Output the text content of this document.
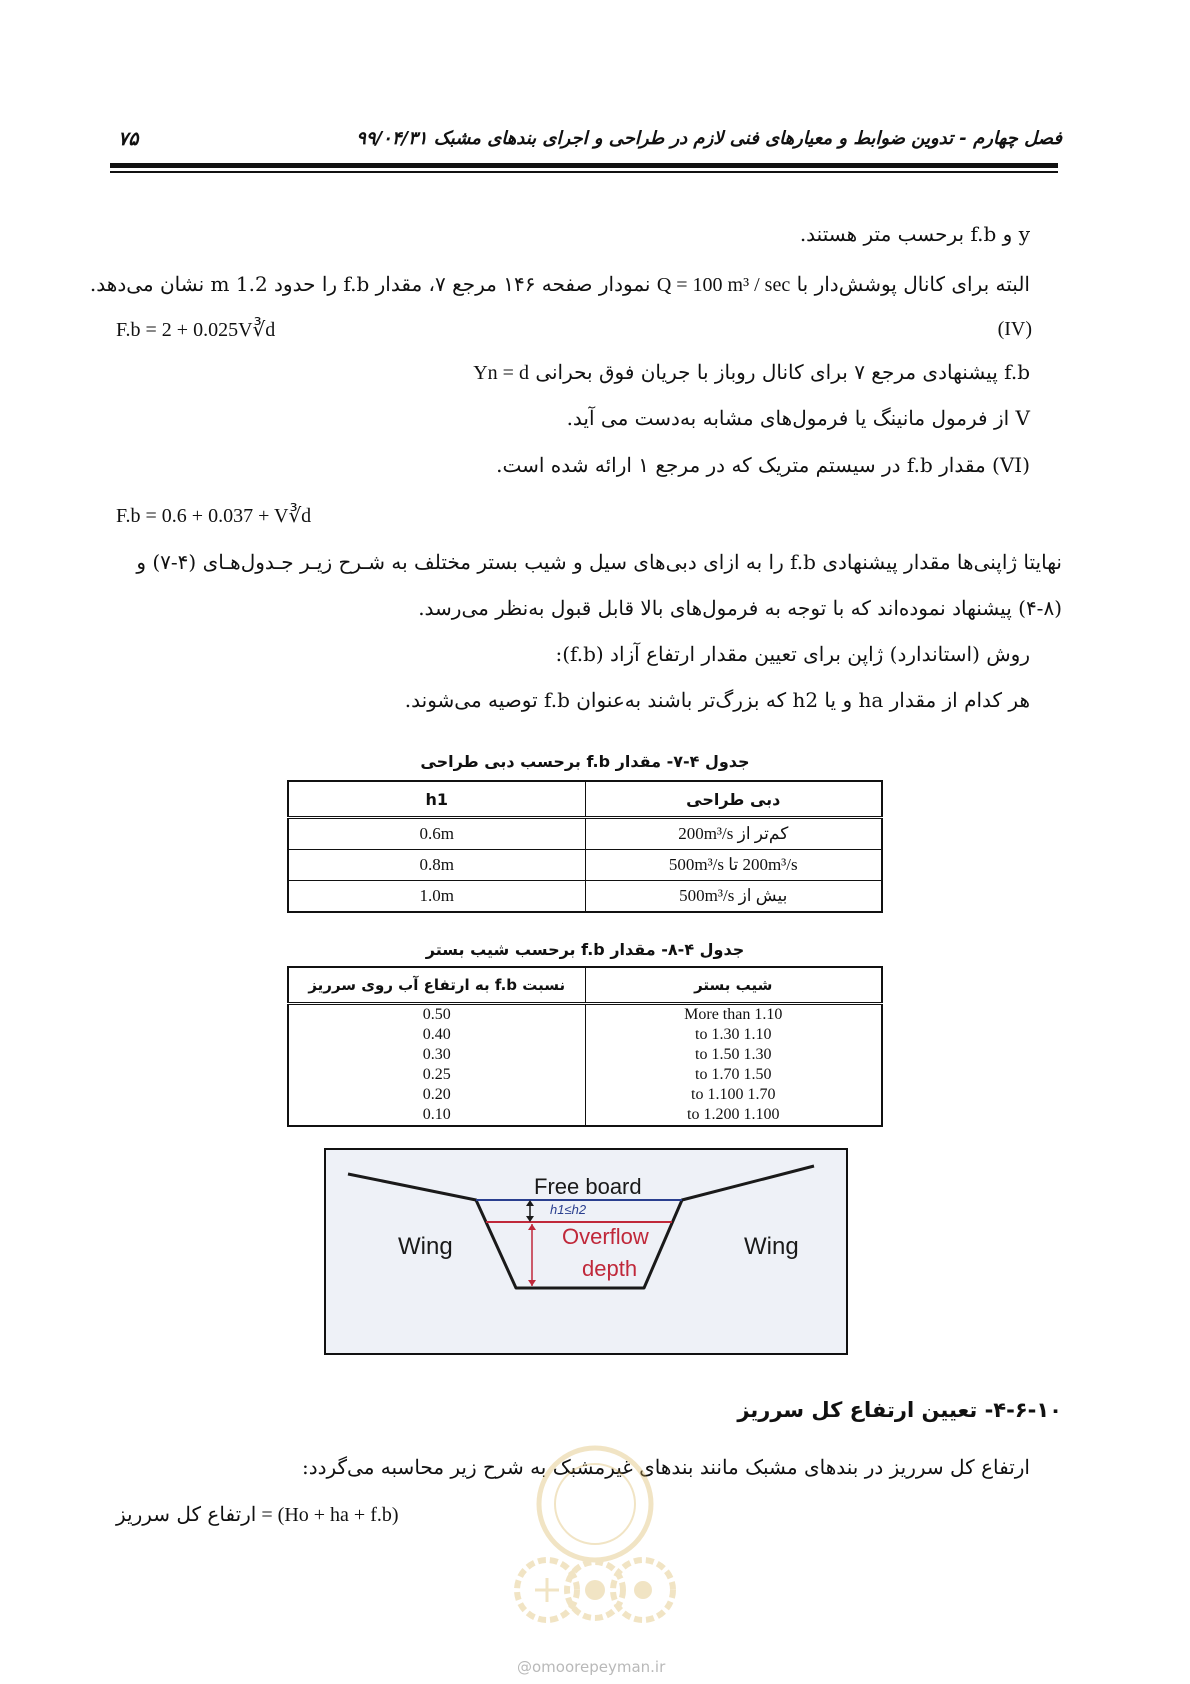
فصل چهارم - تدوین ضوابط و معیارهای فنی لازم در طراحی و اجرای بندهای مشبک ۹۹/۰۴/۳۱
۷۵
y و f.b برحسب متر هستند.
البته برای کانال پوشش‌دار با Q = 100 m³ / sec نمودار صفحه ۱۴۶ مرجع ۷، مقدار f.b را حدود 1.2 m نشان می‌دهد.
F.b = 2 + 0.025V∛d	(IV)
f.b پیشنهادی مرجع ۷ برای کانال روباز با جریان فوق بحرانی Yn = d
V از فرمول مانینگ یا فرمول‌های مشابه به‌دست می آید.
(VI) مقدار f.b در سیستم متریک که در مرجع ۱ ارائه شده است.
F.b = 0.6 + 0.037 + V∛d
نهایتا ژاپنی‌ها مقدار پیشنهادی f.b را به ازای دبی‌های سیل و شیب بستر مختلف به شـرح زیـر جـدول‌هـای (۴-۷) و
(۴-۸) پیشنهاد نموده‌اند که با توجه به فرمول‌های بالا قابل قبول به‌نظر می‌رسد.
روش (استاندارد) ژاپن برای تعیین مقدار ارتفاع آزاد (f.b):
هر کدام از مقدار ha و یا h2 که بزرگ‌تر باشند به‌عنوان f.b توصیه می‌شوند.
جدول ۴-۷- مقدار f.b برحسب دبی طراحی
دبی طراحی	h1
کم‌تر از 200m³/s	0.6m
200m³/s تا 500m³/s	0.8m
بیش از 500m³/s	1.0m
جدول ۴-۸- مقدار f.b برحسب شیب بستر
شیب بستر	نسبت f.b به ارتفاع آب روی سرریز
More than 1.10	0.50
1.10 to 1.30	0.40
1.30 to 1.50	0.30
1.50 to 1.70	0.25
1.70 to 1.100	0.20
1.100 to 1.200	0.10
Free board
h1≤h2
Overflow
depth
Wing	Wing
۴-۶-۱۰- تعیین ارتفاع کل سرریز
ارتفاع کل سرریز در بندهای مشبک مانند بندهای غیرمشبک به شرح زیر محاسبه می‌گردد:
ارتفاع کل سرریز = (Ho + ha + f.b)
@omoorepeyman.ir
